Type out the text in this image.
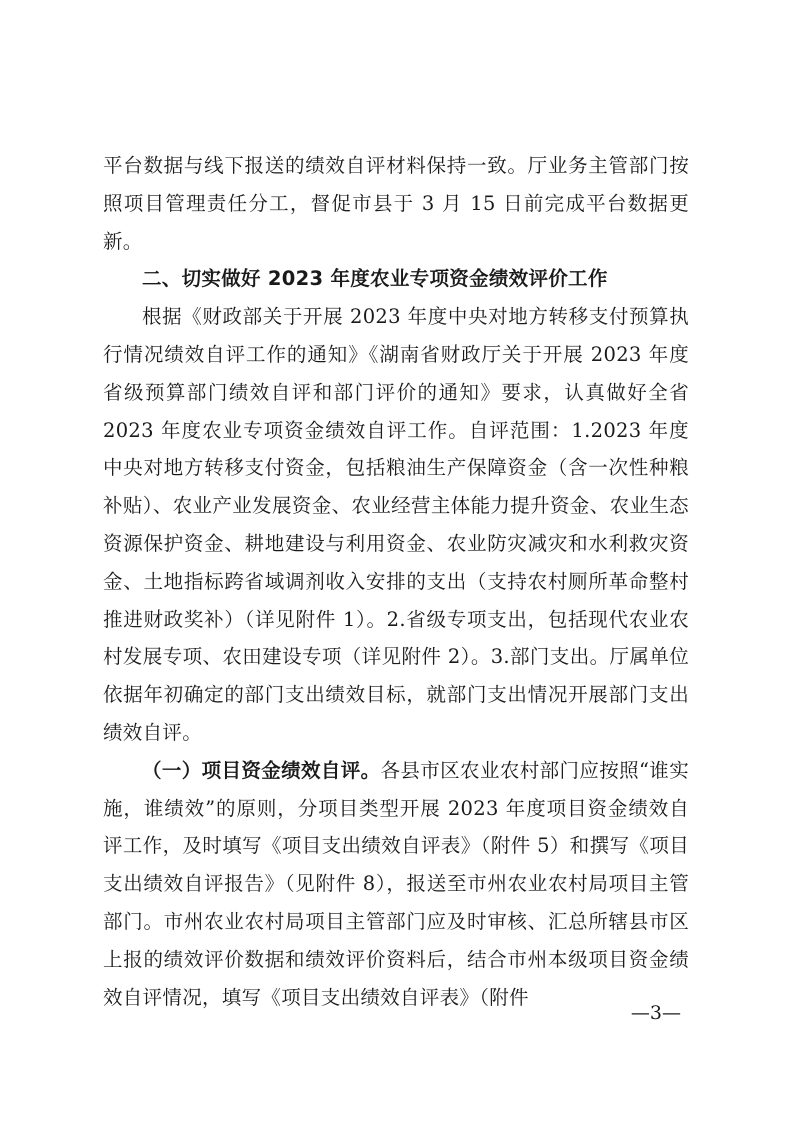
平台数据与线下报送的绩效自评材料保持一致。厅业务主管部门按照项目管理责任分工，督促市县于 3 月 15 日前完成平台数据更新。

二、切实做好 2023 年度农业专项资金绩效评价工作

根据《财政部关于开展 2023 年度中央对地方转移支付预算执行情况绩效自评工作的通知》《湖南省财政厅关于开展 2023 年度省级预算部门绩效自评和部门评价的通知》要求，认真做好全省 2023 年度农业专项资金绩效自评工作。自评范围：1.2023 年度中央对地方转移支付资金，包括粮油生产保障资金（含一次性种粮补贴）、农业产业发展资金、农业经营主体能力提升资金、农业生态资源保护资金、耕地建设与利用资金、农业防灾减灾和水利救灾资金、土地指标跨省域调剂收入安排的支出（支持农村厕所革命整村推进财政奖补）（详见附件 1）。2.省级专项支出，包括现代农业农村发展专项、农田建设专项（详见附件 2）。3.部门支出。厅属单位依据年初确定的部门支出绩效目标，就部门支出情况开展部门支出绩效自评。

（一）项目资金绩效自评。各县市区农业农村部门应按照“谁实施，谁绩效”的原则，分项目类型开展 2023 年度项目资金绩效自评工作，及时填写《项目支出绩效自评表》（附件 5）和撰写《项目支出绩效自评报告》（见附件 8），报送至市州农业农村局项目主管部门。市州农业农村局项目主管部门应及时审核、汇总所辖县市区上报的绩效评价数据和绩效评价资料后，结合市州本级项目资金绩效自评情况，填写《项目支出绩效自评表》（附件

—3—
